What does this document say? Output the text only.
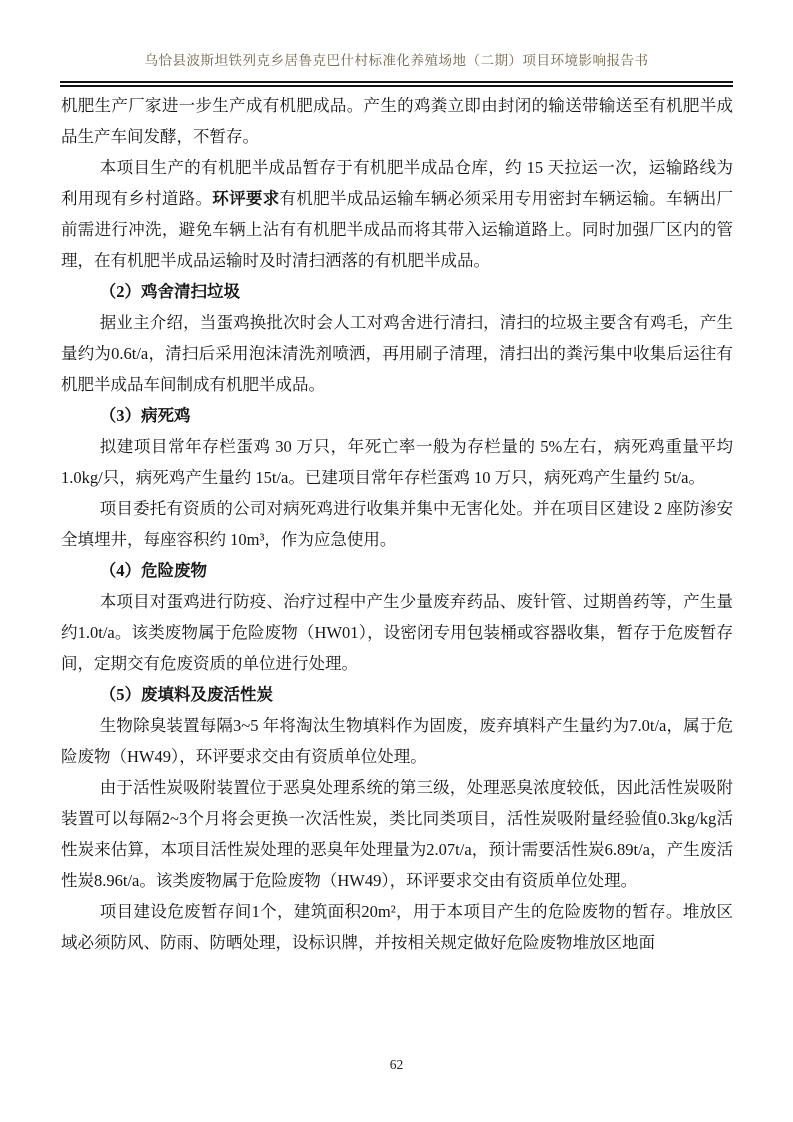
乌恰县波斯坦铁列克乡居鲁克巴什村标准化养殖场地（二期）项目环境影响报告书

机肥生产厂家进一步生产成有机肥成品。产生的鸡粪立即由封闭的输送带输送至有机肥半成品生产车间发酵，不暂存。

本项目生产的有机肥半成品暂存于有机肥半成品仓库，约 15 天拉运一次，运输路线为利用现有乡村道路。环评要求有机肥半成品运输车辆必须采用专用密封车辆运输。车辆出厂前需进行冲洗，避免车辆上沾有有机肥半成品而将其带入运输道路上。同时加强厂区内的管理，在有机肥半成品运输时及时清扫洒落的有机肥半成品。

（2）鸡舍清扫垃圾

据业主介绍，当蛋鸡换批次时会人工对鸡舍进行清扫，清扫的垃圾主要含有鸡毛，产生量约为0.6t/a，清扫后采用泡沫清洗剂喷洒，再用刷子清理，清扫出的粪污集中收集后运往有机肥半成品车间制成有机肥半成品。

（3）病死鸡

拟建项目常年存栏蛋鸡 30 万只，年死亡率一般为存栏量的 5%左右，病死鸡重量平均 1.0kg/只，病死鸡产生量约 15t/a。已建项目常年存栏蛋鸡 10 万只，病死鸡产生量约 5t/a。

项目委托有资质的公司对病死鸡进行收集并集中无害化处。并在项目区建设 2 座防渗安全填埋井，每座容积约 10m³，作为应急使用。

（4）危险废物

本项目对蛋鸡进行防疫、治疗过程中产生少量废弃药品、废针管、过期兽药等，产生量约1.0t/a。该类废物属于危险废物（HW01），设密闭专用包装桶或容器收集，暂存于危废暂存间，定期交有危废资质的单位进行处理。

（5）废填料及废活性炭

生物除臭装置每隔3~5 年将淘汰生物填料作为固废，废弃填料产生量约为7.0t/a，属于危险废物（HW49），环评要求交由有资质单位处理。

由于活性炭吸附装置位于恶臭处理系统的第三级，处理恶臭浓度较低，因此活性炭吸附装置可以每隔2~3个月将会更换一次活性炭，类比同类项目，活性炭吸附量经验值0.3kg/kg活性炭来估算，本项目活性炭处理的恶臭年处理量为2.07t/a，预计需要活性炭6.89t/a，产生废活性炭8.96t/a。该类废物属于危险废物（HW49），环评要求交由有资质单位处理。

项目建设危废暂存间1个，建筑面积20m²，用于本项目产生的危险废物的暂存。堆放区域必须防风、防雨、防晒处理，设标识牌，并按相关规定做好危险废物堆放区地面

62
